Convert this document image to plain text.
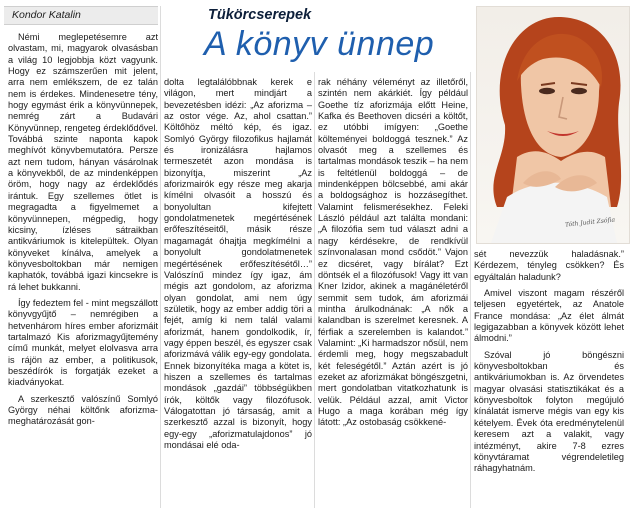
Kondor Katalin	Tükörcserepek
A könyv ünnep
Tóth Judit Zsófia

Némi meglepetésemre azt olvastam, mi, magyarok olvasásban a világ 10 legjobbja közt vagyunk. Hogy ez számszerűen mit jelent, arra nem emlékszem, de ez talán nem is érdekes. Mindenesetre tény, hogy egymást érik a könyvünnepek, nemrég zárt a Budavári Könyvünnep, rengeteg érdeklődővel. Továbbá szinte naponta kapok meghívót könyvbemutatóra. Persze azt nem tudom, hányan vásárolnak a könyvekből, de az mindenképpen öröm, hogy nagy az érdeklődés irántuk. Egy szellemes ötlet is megragadta a figyelmemet a könyvünnepen, mégpedig, hogy kicsiny, ízléses sátraikban antikváriumok is kitelepültek. Olyan könyveket kínálva, amelyek a könyvesboltokban már nemigen kaphatók, továbbá igazi kincsekre is rá lehet bukkanni.

Így fedeztem fel - mint megszállott könyvgyűjtő – nemrégiben a hetvenhárom híres ember aforizmáit tartalmazó Kis aforizmagyűjtemény című munkát, melyet elolvasva arra is rájön az ember, a politikusok, beszédírók is forgatják ezeket a kiadványokat.

A szerkesztő valószínű Somlyó György néhai költőnk aforizma-meghatározását gon-

dolta legtalálóbbnak kerek e világon, mert mindjárt a bevezetésben idézi: „Az aforizma – az ostor vége. Az, ahol csattan.” Költőhöz méltó kép, és igaz. Somlyó György filozofikus hajlamát és ironizálásra hajlamos termeszetét azon mondása is bizonyítja, miszerint „Az aforizmairók egy része meg akarja kímélni olvasóit a hosszú és bonyolultan kifejtett gondolatmenetek megértésének erőfeszítéseitől, másik része magamagát óhajtja megkímélni a bonyolult gondolatmenetek megértésének erőfeszítésétől…” Valószínű mindez így igaz, ám mégis azt gondolom, az aforizma olyan gondolat, ami nem úgy születik, hogy az ember addig töri a fejét, amíg ki nem talál valami aforizmát, hanem gondolkodik, ír, vagy éppen beszél, és egyszer csak aforizmává válik egy-egy gondolata. Ennek bizonyítéka maga a kötet is, hiszen a szellemes és tartalmas mondások „gazdái” többségükben írók, költők vagy filozófusok. Válogatottan jó társaság, amit a szerkesztő azzal is bizonyít, hogy egy-egy „aforizmatulajdonos” jó mondásai elé oda-

rak néhány véleményt az illetőről, szintén nem akárkiét. Így például Goethe tíz aforizmája előtt Heine, Kafka és Beethoven dicséri a költőt, ez utóbbi imígyen: „Goethe költeményei boldoggá tesznek.” Az olvasót meg a szellemes és tartalmas mondások teszik – ha nem is feltétlenül boldoggá – de mindenképpen bölcsebbé, ami akár a boldogsághoz is hozzásegíthet. Valamint felismerésekhez. Feleki László például azt találta mondani: „A filozófia sem tud választ adni a nagy kérdésekre, de rendkívül színvonalasan mond csődöt.” Vajon ez dicséret, vagy bírálat? Ezt döntsék el a filozófusok! Vagy itt van Kner Izidor, akinek a magánéletéről semmit sem tudok, ám aforizmái mintha árulkodnának: „A nők a kalandban is szerelmet keresnek. A férfiak a szerelemben is kalandot.” Valamint: „Ki harmadszor nősül, nem érdemli meg, hogy megszabadult két feleségétől.” Aztán azért is jó ezeket az aforizmákat böngészgetni, mert gondolatban vitatkozhatunk is velük. Például azzal, amit Victor Hugo a maga korában még így látott: „Az ostobaság csökkené-

sét nevezzük haladásnak.” Kérdezem, tényleg csökken? És egyáltalán haladunk?

Amivel viszont magam részéről teljesen egyetértek, az Anatole France mondása: „Az élet álmát legigazabban a könyvek között lehet álmodni.”

Szóval jó böngészni könyvesboltokban és antikváriumokban is. Az örvendetes magyar olvasási statisztikákat és a könyvesboltok folyton megújuló kínálatát ismerve mégis van egy kis kételyem. Évek óta eredménytelenül keresem azt a valakit, vagy intézményt, akire 7-8 ezres könyvtáramat végrendeletileg ráhagyhatnám.
